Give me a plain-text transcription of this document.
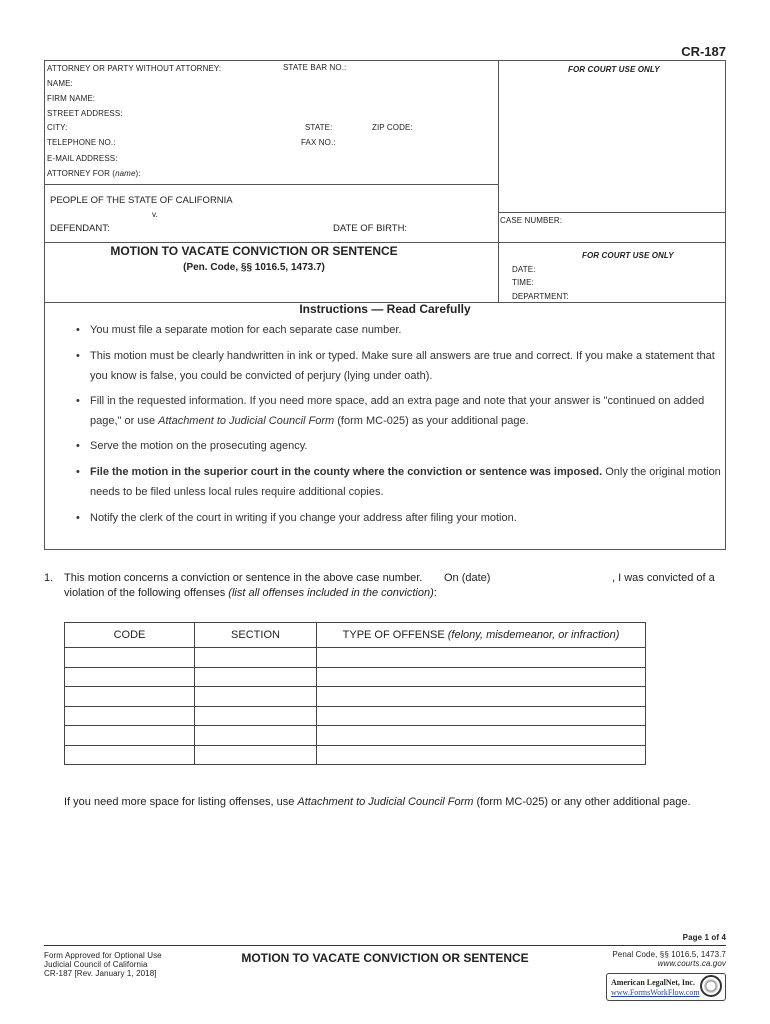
CR-187
ATTORNEY OR PARTY WITHOUT ATTORNEY:	STATE BAR NO.:	FOR COURT USE ONLY
NAME:
FIRM NAME:
STREET ADDRESS:
CITY:	STATE:	ZIP CODE:
TELEPHONE NO.:	FAX NO.:
E-MAIL ADDRESS:
ATTORNEY FOR (name):
PEOPLE OF THE STATE OF CALIFORNIA
v.
DEFENDANT:	DATE OF BIRTH:
CASE NUMBER:
MOTION TO VACATE CONVICTION OR SENTENCE
(Pen. Code, §§ 1016.5, 1473.7)
FOR COURT USE ONLY
DATE:
TIME:
DEPARTMENT:
Instructions — Read Carefully
• You must file a separate motion for each separate case number.
• This motion must be clearly handwritten in ink or typed. Make sure all answers are true and correct. If you make a statement that you know is false, you could be convicted of perjury (lying under oath).
• Fill in the requested information. If you need more space, add an extra page and note that your answer is "continued on added page," or use Attachment to Judicial Council Form (form MC-025) as your additional page.
• Serve the motion on the prosecuting agency.
• File the motion in the superior court in the county where the conviction or sentence was imposed. Only the original motion needs to be filed unless local rules require additional copies.
• Notify the clerk of the court in writing if you change your address after filing your motion.
1. This motion concerns a conviction or sentence in the above case number. On (date)	, I was convicted of a
violation of the following offenses (list all offenses included in the conviction):
CODE	SECTION	TYPE OF OFFENSE (felony, misdemeanor, or infraction)

If you need more space for listing offenses, use Attachment to Judicial Council Form (form MC-025) or any other additional page.
Page 1 of 4
Form Approved for Optional Use
Judicial Council of California
CR-187 [Rev. January 1, 2018]
MOTION TO VACATE CONVICTION OR SENTENCE	Penal Code, §§ 1016.5, 1473.7
www.courts.ca.gov
American LegalNet, Inc.
www.FormsWorkFlow.com
